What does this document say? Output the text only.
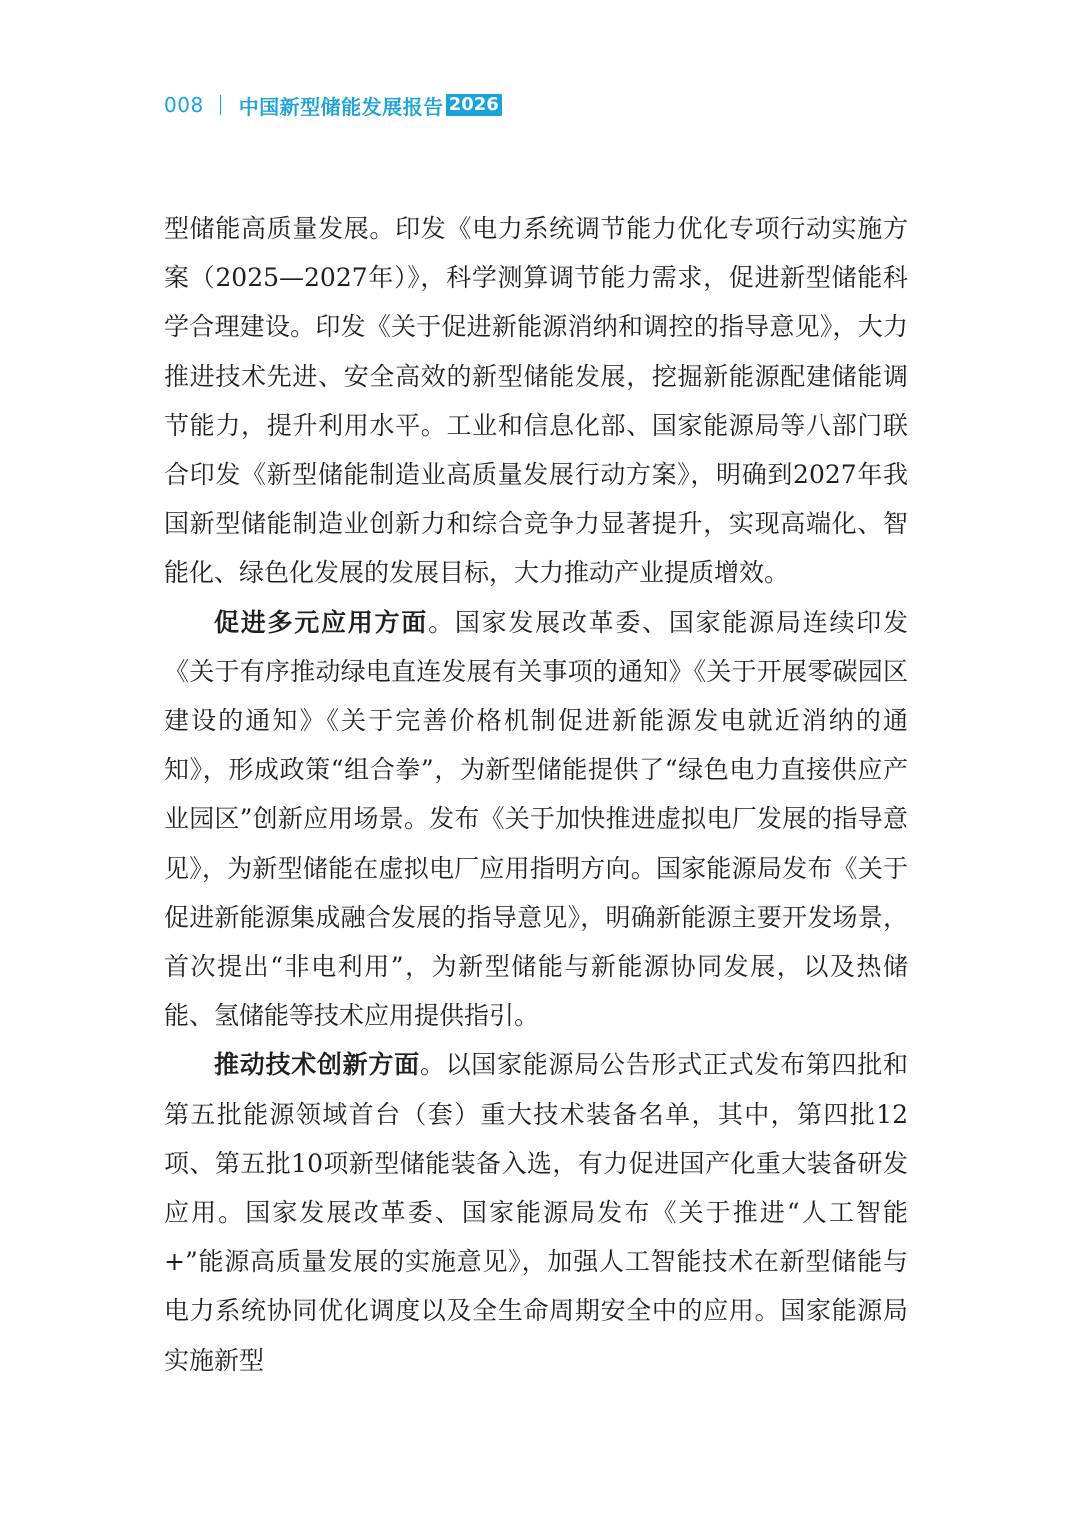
008 中国新型储能发展报告 2026

型储能高质量发展。印发《电力系统调节能力优化专项行动实施方案（2025—2027年）》，科学测算调节能力需求，促进新型储能科学合理建设。印发《关于促进新能源消纳和调控的指导意见》，大力推进技术先进、安全高效的新型储能发展，挖掘新能源配建储能调节能力，提升利用水平。工业和信息化部、国家能源局等八部门联合印发《新型储能制造业高质量发展行动方案》，明确到2027年我国新型储能制造业创新力和综合竞争力显著提升，实现高端化、智能化、绿色化发展的发展目标，大力推动产业提质增效。

促进多元应用方面。国家发展改革委、国家能源局连续印发《关于有序推动绿电直连发展有关事项的通知》《关于开展零碳园区建设的通知》《关于完善价格机制促进新能源发电就近消纳的通知》，形成政策“组合拳”，为新型储能提供了“绿色电力直接供应产业园区”创新应用场景。发布《关于加快推进虚拟电厂发展的指导意见》，为新型储能在虚拟电厂应用指明方向。国家能源局发布《关于促进新能源集成融合发展的指导意见》，明确新能源主要开发场景，首次提出“非电利用”，为新型储能与新能源协同发展，以及热储能、氢储能等技术应用提供指引。

推动技术创新方面。以国家能源局公告形式正式发布第四批和第五批能源领域首台（套）重大技术装备名单，其中，第四批12项、第五批10项新型储能装备入选，有力促进国产化重大装备研发应用。国家发展改革委、国家能源局发布《关于推进“人工智能+”能源高质量发展的实施意见》，加强人工智能技术在新型储能与电力系统协同优化调度以及全生命周期安全中的应用。国家能源局实施新型
